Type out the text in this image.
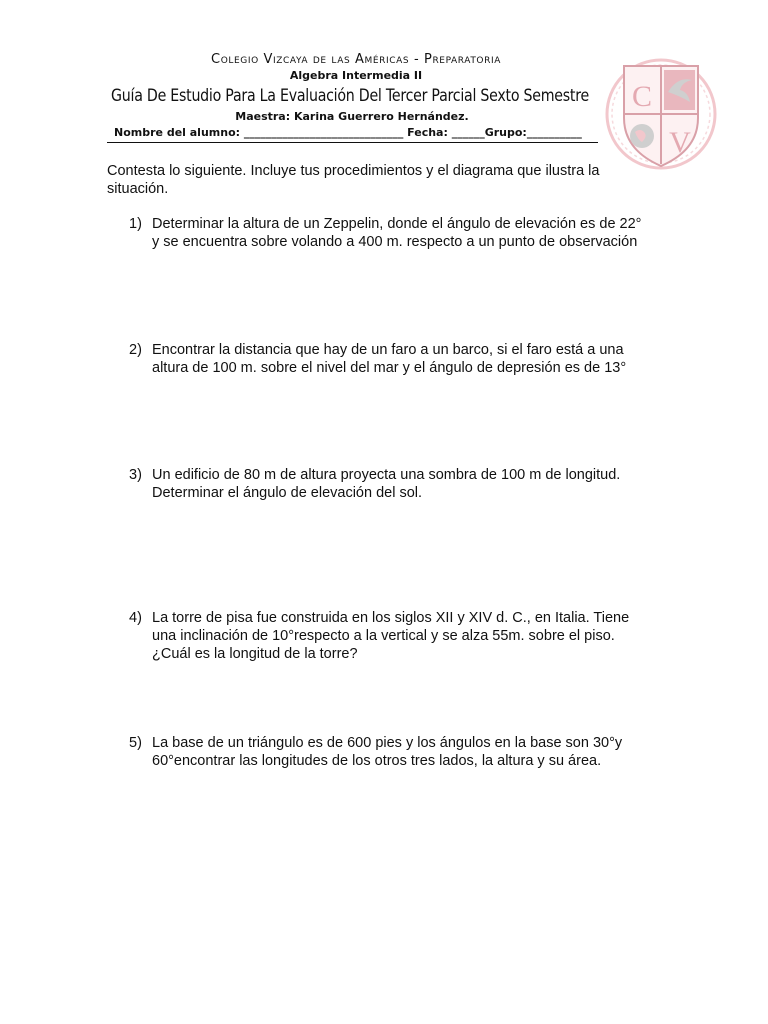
Colegio Vizcaya de las Américas - Preparatoria
Algebra Intermedia II
Guía De Estudio Para La Evaluación Del Tercer Parcial Sexto Semestre
Maestra: Karina Guerrero Hernández.
Nombre del alumno: _____________________________ Fecha: ______Grupo:__________
C
V
Contesta lo siguiente. Incluye tus procedimientos y el diagrama que ilustra la situación.
1) Determinar la altura de un Zeppelin, donde el ángulo de elevación es de 22°
y se encuentra sobre volando a 400 m. respecto a un punto de observación
2) Encontrar la distancia que hay de un faro a un barco, si el faro está a una
altura de 100 m. sobre el nivel del mar y el ángulo de depresión es de 13°
3) Un edificio de 80 m de altura proyecta una sombra de 100 m de longitud.
Determinar el ángulo de elevación del sol.
4) La torre de pisa fue construida en los siglos XII y XIV d. C., en Italia. Tiene
una inclinación de 10°respecto a la vertical y se alza 55m. sobre el piso.
¿Cuál es la longitud de la torre?
5) La base de un triángulo es de 600 pies y los ángulos en la base son 30°y
60°encontrar las longitudes de los otros tres lados, la altura y su área.
